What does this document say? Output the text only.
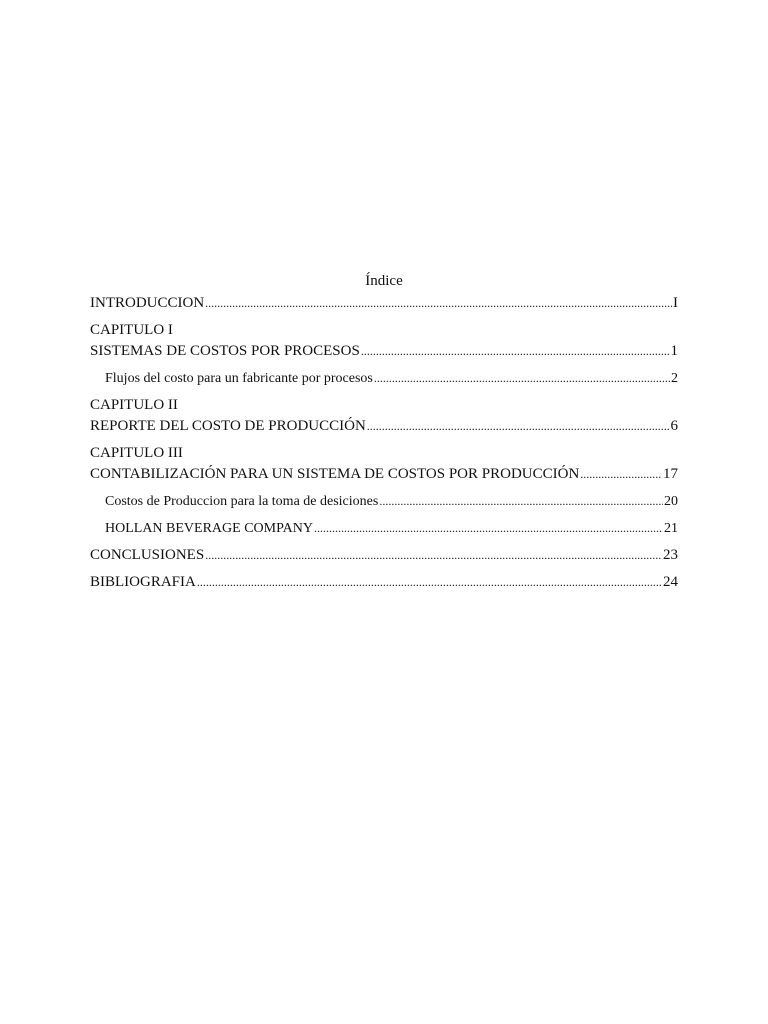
Índice
INTRODUCCION .....	I
CAPITULO I
SISTEMAS DE COSTOS POR PROCESOS .....	1
Flujos del costo para un fabricante por procesos .....	2
CAPITULO II
REPORTE DEL COSTO DE PRODUCCIÓN .....	6
CAPITULO III
CONTABILIZACIÓN PARA UN SISTEMA DE COSTOS POR PRODUCCIÓN .....	17
Costos de Produccion para la toma de desiciones .....	20
HOLLAN BEVERAGE COMPANY .....	21
CONCLUSIONES .....	23
BIBLIOGRAFIA .....	24
